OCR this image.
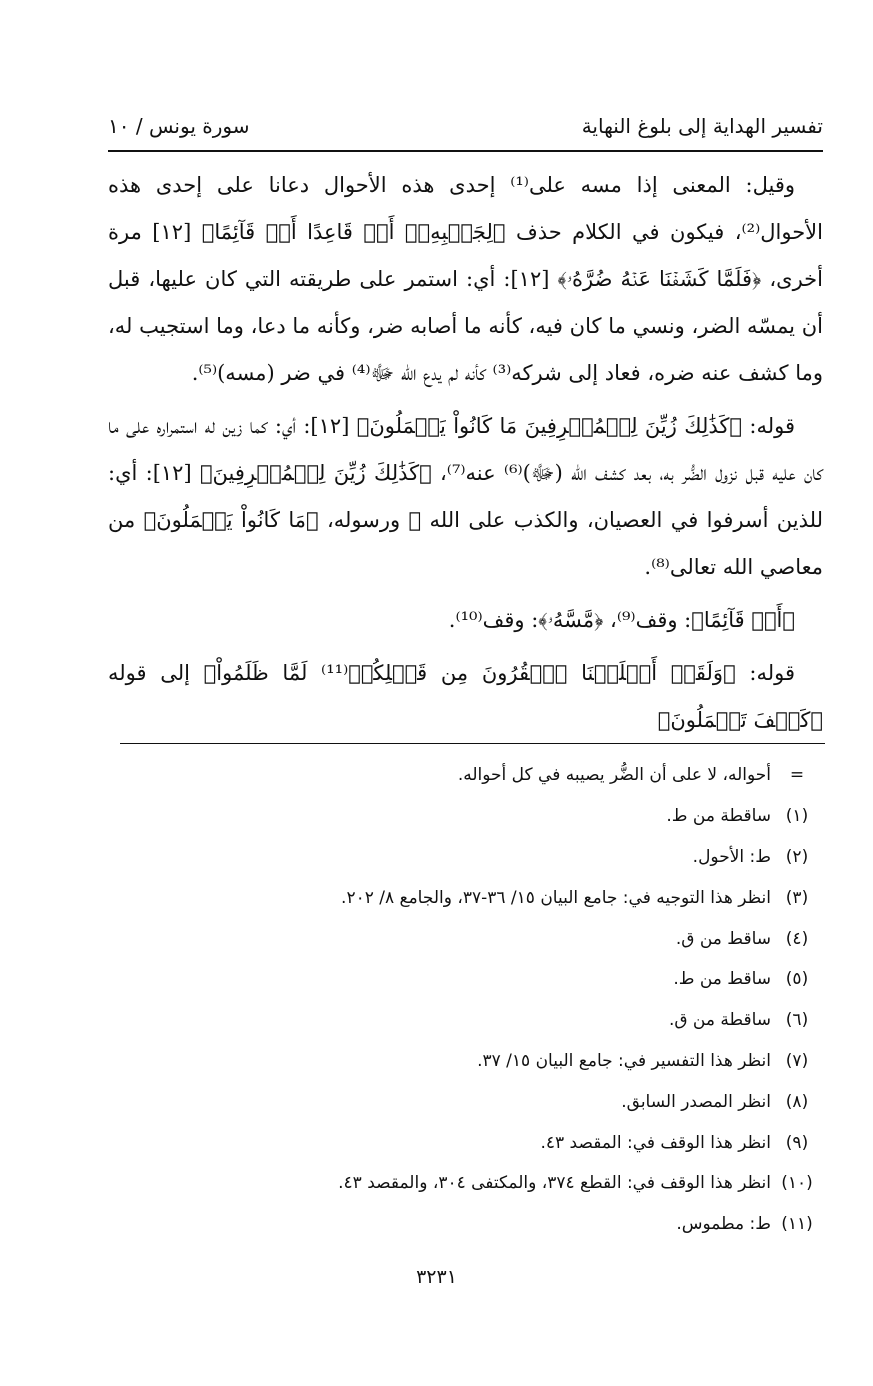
تفسير الهداية إلى بلوغ النهاية
سورة يونس / ١٠

وقيل: المعنى إذا مسه على⁽¹⁾ إحدى هذه الأحوال دعانا على إحدى هذه الأحوال⁽²⁾، فيكون في الكلام حذف ﴿لِجَنۢبِهِۦٓ أَوۡ قَاعِدًا أَوۡ قَآئِمًا﴾ [١٢] مرة أخرى، ﴿فَلَمَّا كَشَفۡنَا عَنۡهُ ضُرَّهُۥ﴾ [١٢]: أي: استمر على طريقته التي كان عليها، قبل أن يمسّه الضر، ونسي ما كان فيه، كأنه ما أصابه ضر، وكأنه ما دعا، وما استجيب له، وما كشف عنه ضره، فعاد إلى شركه⁽³⁾ كأنه لم يدع الله ﷻ⁽⁴⁾ في ضر (مسه)⁽⁵⁾.

قوله: ﴿كَذَٰلِكَ زُيِّنَ لِلۡمُسۡرِفِينَ مَا كَانُواْ يَعۡمَلُونَ﴾ [١٢]: أي: كما زين له استمراره على ما كان عليه قبل نزول الضُّر به، بعد كشف الله (ﷻ)⁽⁶⁾ عنه⁽⁷⁾، ﴿كَذَٰلِكَ زُيِّنَ لِلۡمُسۡرِفِينَ﴾ [١٢]: أي: للذين أسرفوا في العصيان، والكذب على الله ﷻ ورسوله، ﴿مَا كَانُواْ يَعۡمَلُونَ﴾ من معاصي الله تعالى⁽⁸⁾.

﴿أَوۡ قَآئِمًا﴾: وقف⁽⁹⁾، ﴿مَّسَّهُۥ﴾: وقف⁽¹⁰⁾.

قوله: ﴿وَلَقَدۡ أَهۡلَكۡنَا ٱلۡقُرُونَ مِن قَبۡلِكُمۡ⁽¹¹⁾ لَمَّا ظَلَمُواْ﴾ إلى قوله ﴿كَيۡفَ تَعۡمَلُونَ﴾

=
أحواله، لا على أن الضُّر يصيبه في كل أحواله.
(١)
ساقطة من ط.
(٢)
ط: الأحول.
(٣)
انظر هذا التوجيه في: جامع البيان ١٥/ ٣٦-٣٧، والجامع ٨/ ٢٠٢.
(٤)
ساقط من ق.
(٥)
ساقط من ط.
(٦)
ساقطة من ق.
(٧)
انظر هذا التفسير في: جامع البيان ١٥/ ٣٧.
(٨)
انظر المصدر السابق.
(٩)
انظر هذا الوقف في: المقصد ٤٣.
(١٠)
انظر هذا الوقف في: القطع ٣٧٤، والمكتفى ٣٠٤، والمقصد ٤٣.
(١١)
ط: مطموس.
٣٢٣١
